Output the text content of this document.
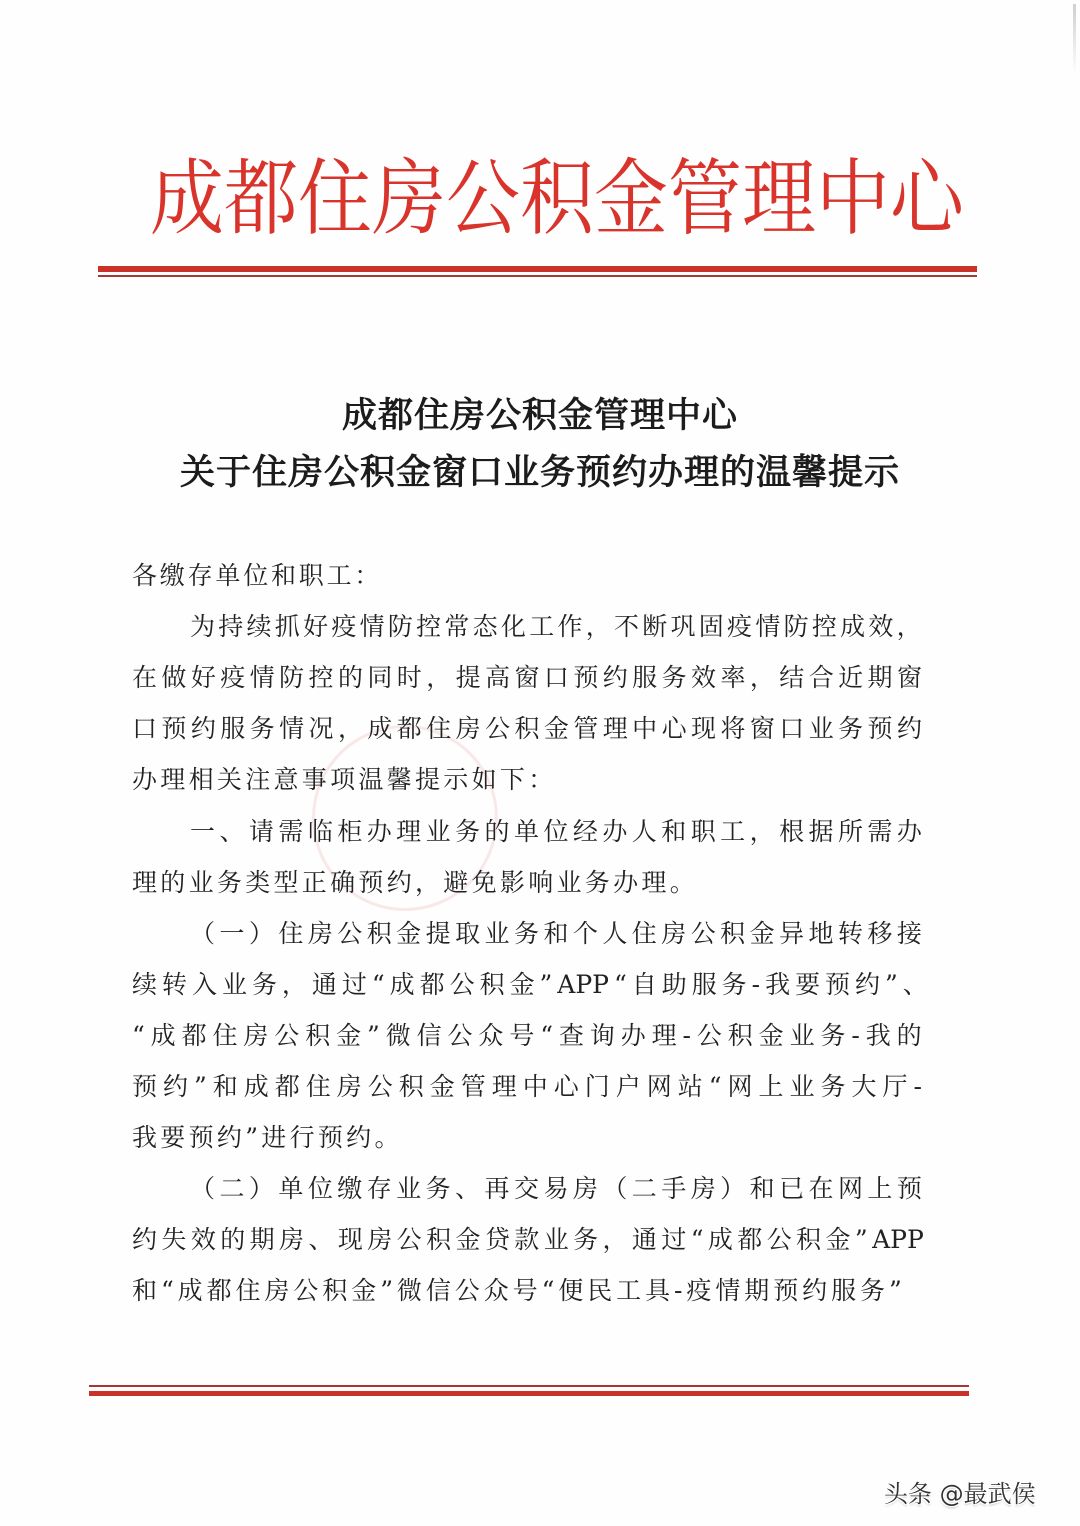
成 都 住 房 公 积 金 管 理 中 心
成都住房公积金管理中心
关于住房公积金窗口业务预约办理的温馨提示
各缴存单位和职工：
为 持 续 抓 好 疫 情 防 控 常 态 化 工 作 ， 不 断 巩 固 疫 情 防 控 成 效 ，
在 做 好 疫 情 防 控 的 同 时 ， 提 高 窗 口 预 约 服 务 效 率 ， 结 合 近 期 窗
口 预 约 服 务 情 况 ， 成 都 住 房 公 积 金 管 理 中 心 现 将 窗 口 业 务 预 约
办理相关注意事项温馨提示如下：
一 、 请 需 临 柜 办 理 业 务 的 单 位 经 办 人 和 职 工 ， 根 据 所 需 办
理的业务类型正确预约，避免影响业务办理。
（ 一 ） 住 房 公 积 金 提 取 业 务 和 个 人 住 房 公 积 金 异 地 转 移 接
续 转 入 业 务 ， 通 过 “ 成 都 公 积 金 ” APP “ 自 助 服 务 - 我 要 预 约 ” 、
“ 成 都 住 房 公 积 金 ” 微 信 公 众 号 “ 查 询 办 理 - 公 积 金 业 务 - 我 的
预 约 ” 和 成 都 住 房 公 积 金 管 理 中 心 门 户 网 站 “ 网 上 业 务 大 厅 -
我要预约”进行预约。
（ 二 ） 单 位 缴 存 业 务 、 再 交 易 房 （ 二 手 房 ） 和 已 在 网 上 预
约 失 效 的 期 房 、 现 房 公 积 金 贷 款 业 务 ， 通 过 “ 成 都 公 积 金 ” APP
和 “ 成 都 住 房 公 积 金 ” 微 信 公 众 号 “ 便 民 工 具 - 疫 情 期 预 约 服 务 ”
头条 @最武侯
